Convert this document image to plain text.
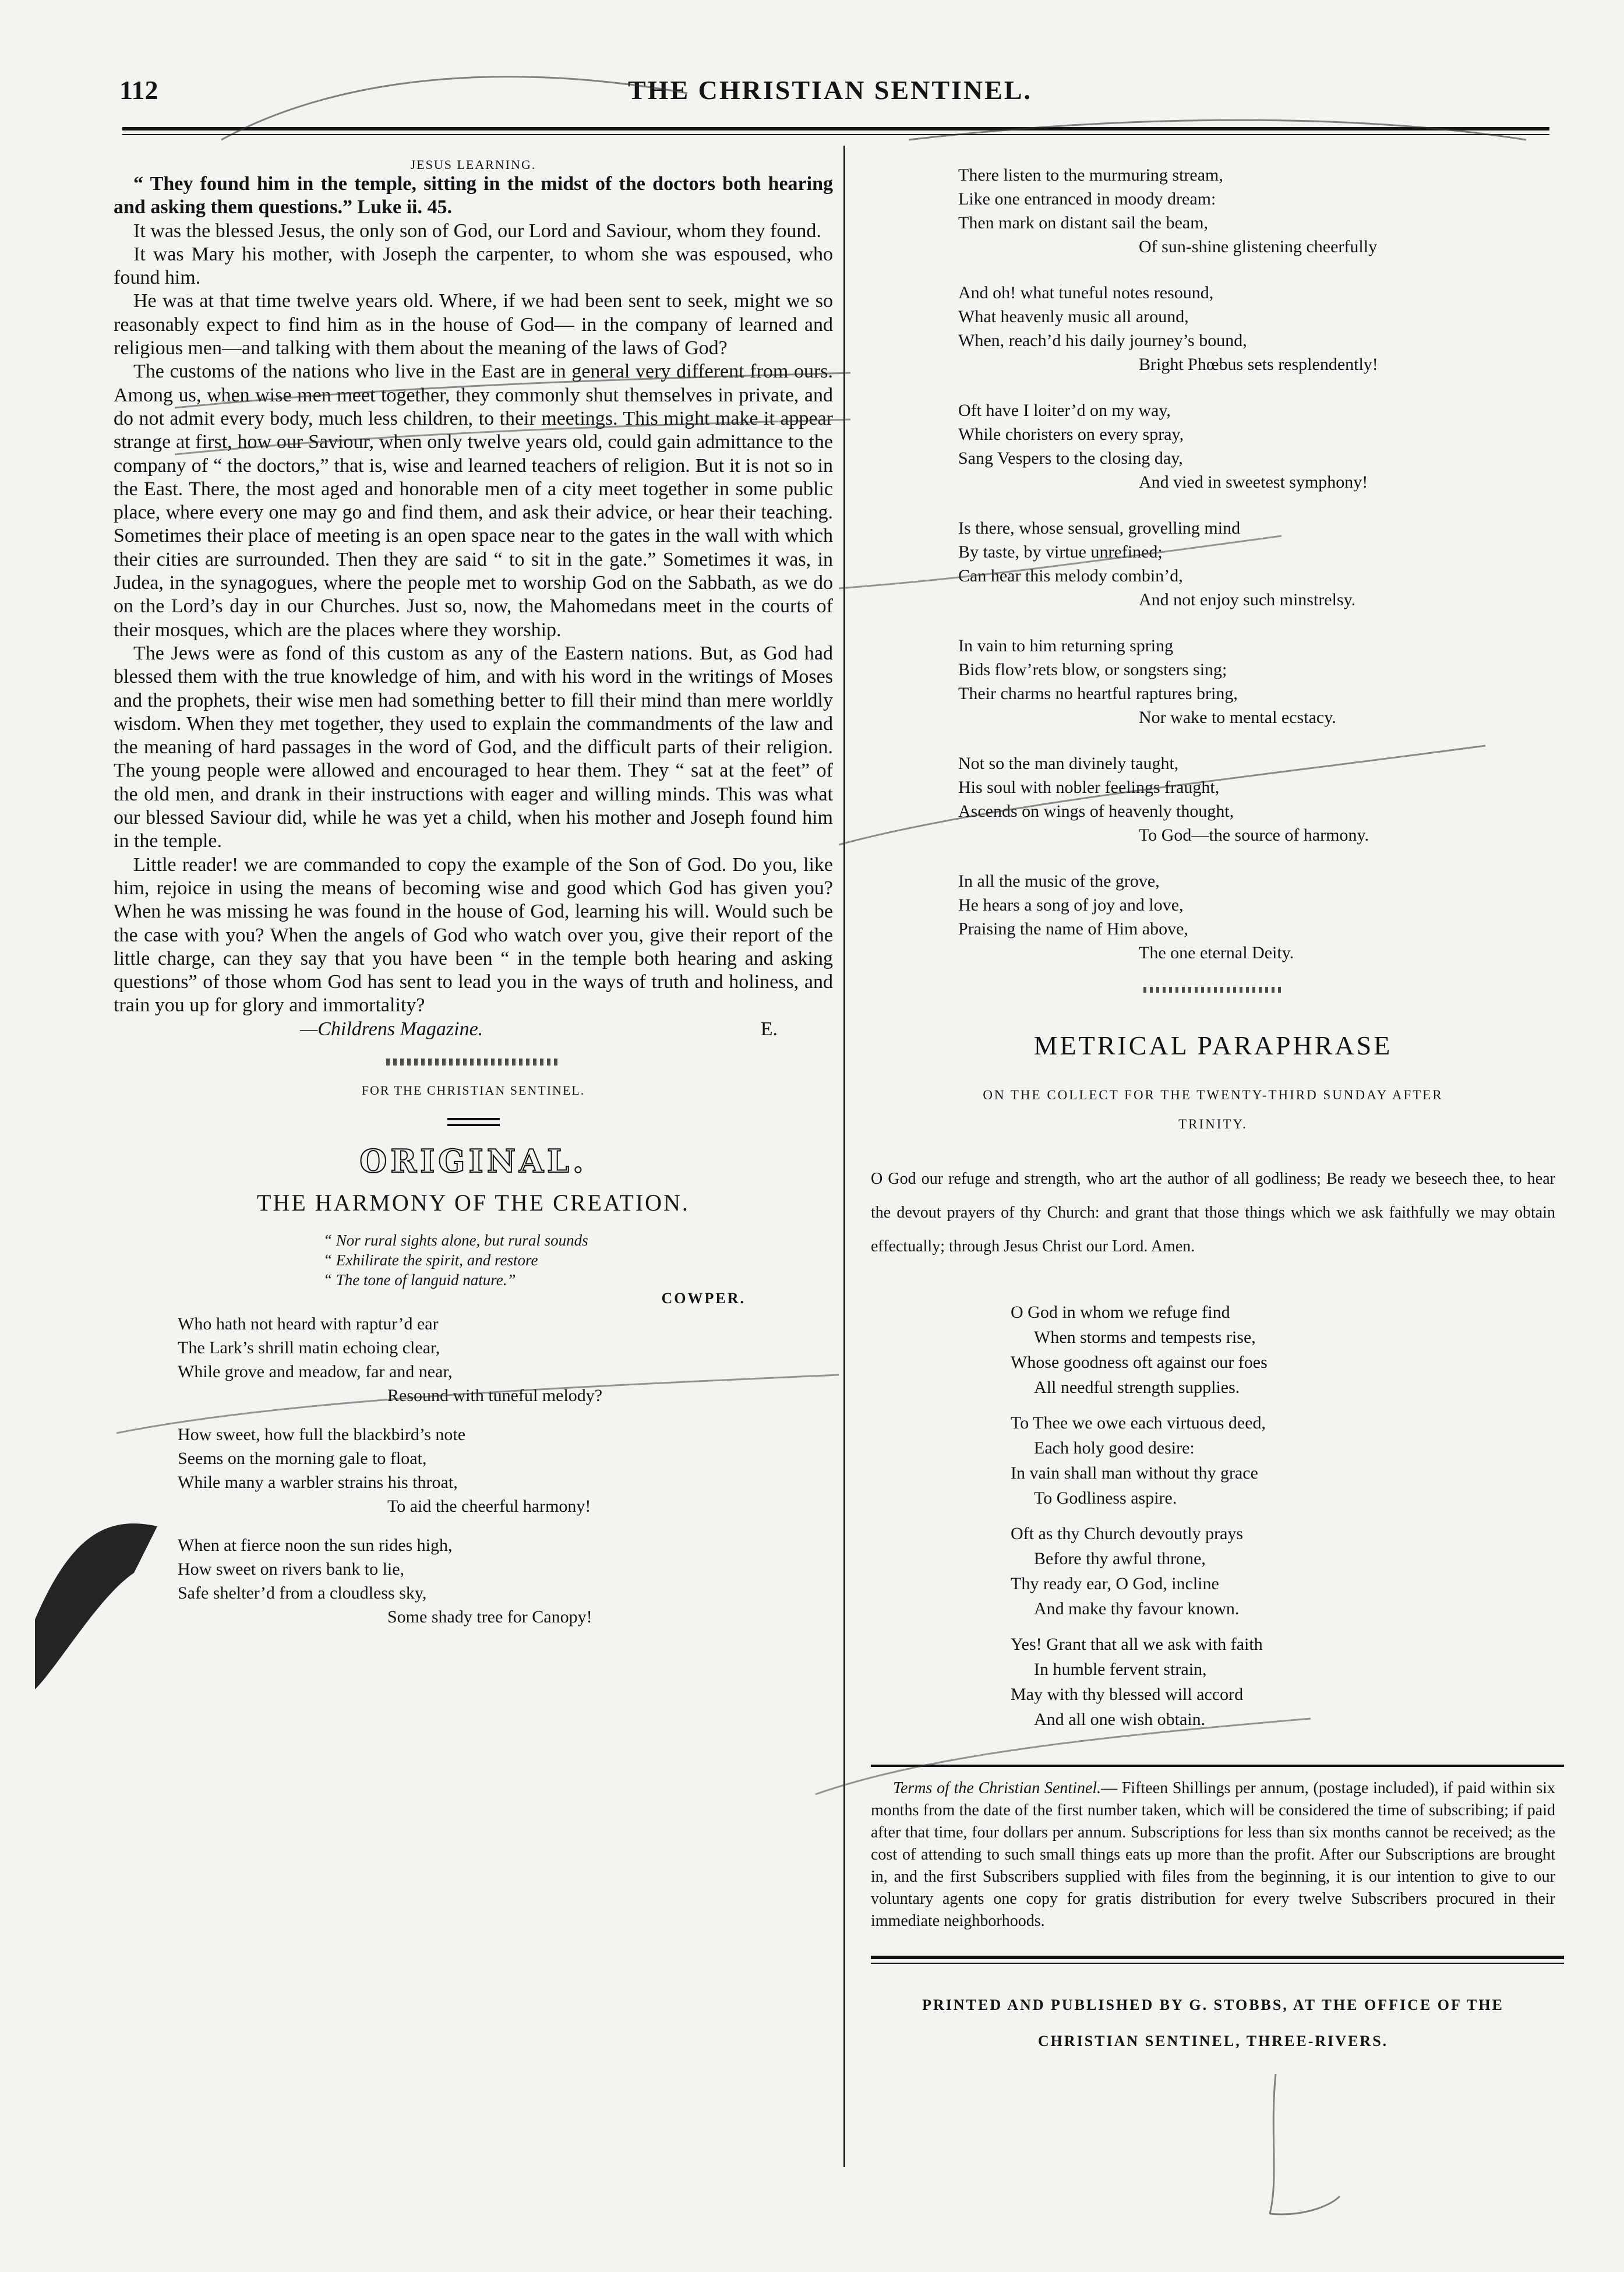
112	THE CHRISTIAN SENTINEL.
JESUS LEARNING.

“ They found him in the temple, sitting in the midst of the doctors both hearing and asking them questions.” Luke ii. 45.

It was the blessed Jesus, the only son of God, our Lord and Saviour, whom they found.

It was Mary his mother, with Joseph the carpenter, to whom she was espoused, who found him.

He was at that time twelve years old. Where, if we had been sent to seek, might we so reasonably expect to find him as in the house of God— in the company of learned and religious men—and talking with them about the meaning of the laws of God?

The customs of the nations who live in the East are in general very different from ours. Among us, when wise men meet together, they commonly shut themselves in private, and do not admit every body, much less children, to their meetings. This might make it appear strange at first, how our Saviour, when only twelve years old, could gain admittance to the company of “ the doctors,” that is, wise and learned teachers of religion. But it is not so in the East. There, the most aged and honorable men of a city meet together in some public place, where every one may go and find them, and ask their advice, or hear their teaching. Sometimes their place of meeting is an open space near to the gates in the wall with which their cities are surrounded. Then they are said “ to sit in the gate.” Sometimes it was, in Judea, in the synagogues, where the people met to worship God on the Sabbath, as we do on the Lord’s day in our Churches. Just so, now, the Mahomedans meet in the courts of their mosques, which are the places where they worship.

The Jews were as fond of this custom as any of the Eastern nations. But, as God had blessed them with the true knowledge of him, and with his word in the writings of Moses and the prophets, their wise men had something better to fill their mind than mere worldly wisdom. When they met together, they used to explain the commandments of the law and the meaning of hard passages in the word of God, and the difficult parts of their religion. The young people were allowed and encouraged to hear them. They “ sat at the feet” of the old men, and drank in their instructions with eager and willing minds. This was what our blessed Saviour did, while he was yet a child, when his mother and Joseph found him in the temple.

Little reader! we are commanded to copy the example of the Son of God. Do you, like him, rejoice in using the means of becoming wise and good which God has given you? When he was missing he was found in the house of God, learning his will. Would such be the case with you? When the angels of God who watch over you, give their report of the little charge, can they say that you have been “ in the temple both hearing and asking questions” of those whom God has sent to lead you in the ways of truth and holiness, and train you up for glory and immortality?

—Childrens Magazine.	E.
FOR THE CHRISTIAN SENTINEL.
ORIGINAL.
THE HARMONY OF THE CREATION.
“ Nor rural sights alone, but rural sounds
“ Exhilirate the spirit, and restore
“ The tone of languid nature.”
COWPER.
Who hath not heard with raptur’d ear
The Lark’s shrill matin echoing clear,
While grove and meadow, far and near,
Resound with tuneful melody?
How sweet, how full the blackbird’s note
Seems on the morning gale to float,
While many a warbler strains his throat,
To aid the cheerful harmony!
When at fierce noon the sun rides high,
How sweet on rivers bank to lie,
Safe shelter’d from a cloudless sky,
Some shady tree for Canopy!
There listen to the murmuring stream,
Like one entranced in moody dream:
Then mark on distant sail the beam,
Of sun-shine glistening cheerfully
And oh! what tuneful notes resound,
What heavenly music all around,
When, reach’d his daily journey’s bound,
Bright Phœbus sets resplendently!
Oft have I loiter’d on my way,
While choristers on every spray,
Sang Vespers to the closing day,
And vied in sweetest symphony!
Is there, whose sensual, grovelling mind
By taste, by virtue unrefined;
Can hear this melody combin’d,
And not enjoy such minstrelsy.
In vain to him returning spring
Bids flow’rets blow, or songsters sing;
Their charms no heartful raptures bring,
Nor wake to mental ecstacy.
Not so the man divinely taught,
His soul with nobler feelings fraught,
Ascends on wings of heavenly thought,
To God—the source of harmony.
In all the music of the grove,
He hears a song of joy and love,
Praising the name of Him above,
The one eternal Deity.
METRICAL PARAPHRASE
ON THE COLLECT FOR THE TWENTY-THIRD SUNDAY AFTER
TRINITY.
O God our refuge and strength, who art the author of all godliness; Be ready we beseech thee, to hear the devout prayers of thy Church: and grant that those things which we ask faithfully we may obtain effectually; through Jesus Christ our Lord. Amen.
O God in whom we refuge find
When storms and tempests rise,
Whose goodness oft against our foes
All needful strength supplies.
To Thee we owe each virtuous deed,
Each holy good desire:
In vain shall man without thy grace
To Godliness aspire.
Oft as thy Church devoutly prays
Before thy awful throne,
Thy ready ear, O God, incline
And make thy favour known.
Yes! Grant that all we ask with faith
In humble fervent strain,
May with thy blessed will accord
And all one wish obtain.
Terms of the Christian Sentinel.— Fifteen Shillings per annum, (postage included), if paid within six months from the date of the first number taken, which will be considered the time of subscribing; if paid after that time, four dollars per annum. Subscriptions for less than six months cannot be received; as the cost of attending to such small things eats up more than the profit. After our Subscriptions are brought in, and the first Subscribers supplied with files from the beginning, it is our intention to give to our voluntary agents one copy for gratis distribution for every twelve Subscribers procured in their immediate neighborhoods.
PRINTED AND PUBLISHED BY G. STOBBS, AT THE OFFICE OF THE
CHRISTIAN SENTINEL, THREE-RIVERS.
